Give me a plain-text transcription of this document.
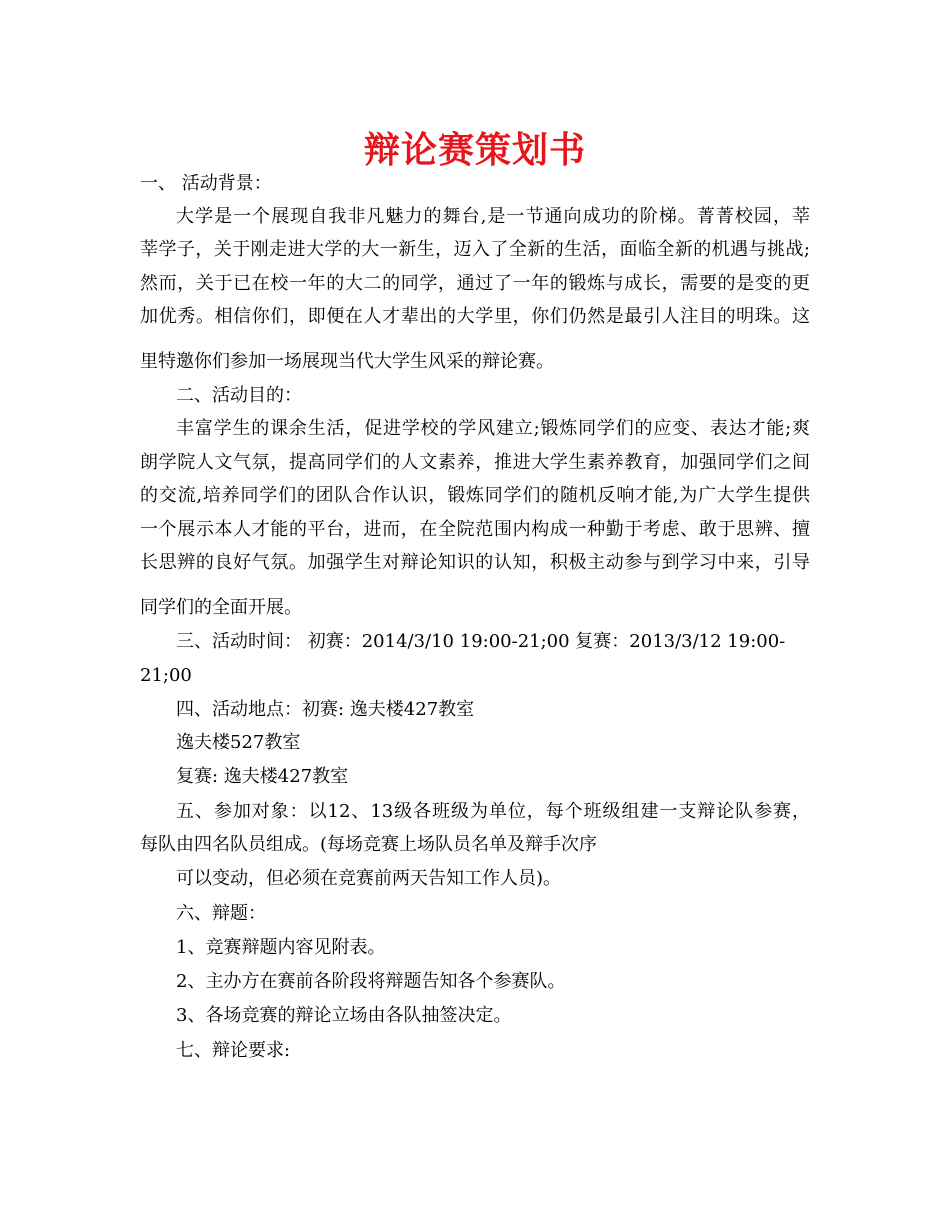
辩论赛策划书
一、 活动背景：
大学是一个展现自我非凡魅力的舞台,是一节通向成功的阶梯。菁菁校园，莘
莘学子，关于刚走进大学的大一新生，迈入了全新的生活，面临全新的机遇与挑战;
然而，关于已在校一年的大二的同学，通过了一年的锻炼与成长，需要的是变的更
加优秀。相信你们，即便在人才辈出的大学里，你们仍然是最引人注目的明珠。这
里特邀你们参加一场展现当代大学生风采的辩论赛。
二、活动目的：
丰富学生的课余生活，促进学校的学风建立;锻炼同学们的应变、表达才能;爽
朗学院人文气氛，提高同学们的人文素养，推进大学生素养教育，加强同学们之间
的交流,培养同学们的团队合作认识，锻炼同学们的随机反响才能,为广大学生提供
一个展示本人才能的平台，进而，在全院范围内构成一种勤于考虑、敢于思辨、擅
长思辨的良好气氛。加强学生对辩论知识的认知，积极主动参与到学习中来，引导
同学们的全面开展。
三、活动时间： 初赛：2014/3/10 19:00-21;00 复赛：2013/3/12 19:00-
21;00
四、活动地点：初赛: 逸夫楼427教室
逸夫楼527教室
复赛: 逸夫楼427教室
五、参加对象：以12、13级各班级为单位，每个班级组建一支辩论队参赛，
每队由四名队员组成。(每场竞赛上场队员名单及辩手次序
可以变动，但必须在竞赛前两天告知工作人员)。
六、辩题：
1、竞赛辩题内容见附表。
2、主办方在赛前各阶段将辩题告知各个参赛队。
3、各场竞赛的辩论立场由各队抽签决定。
七、辩论要求:
